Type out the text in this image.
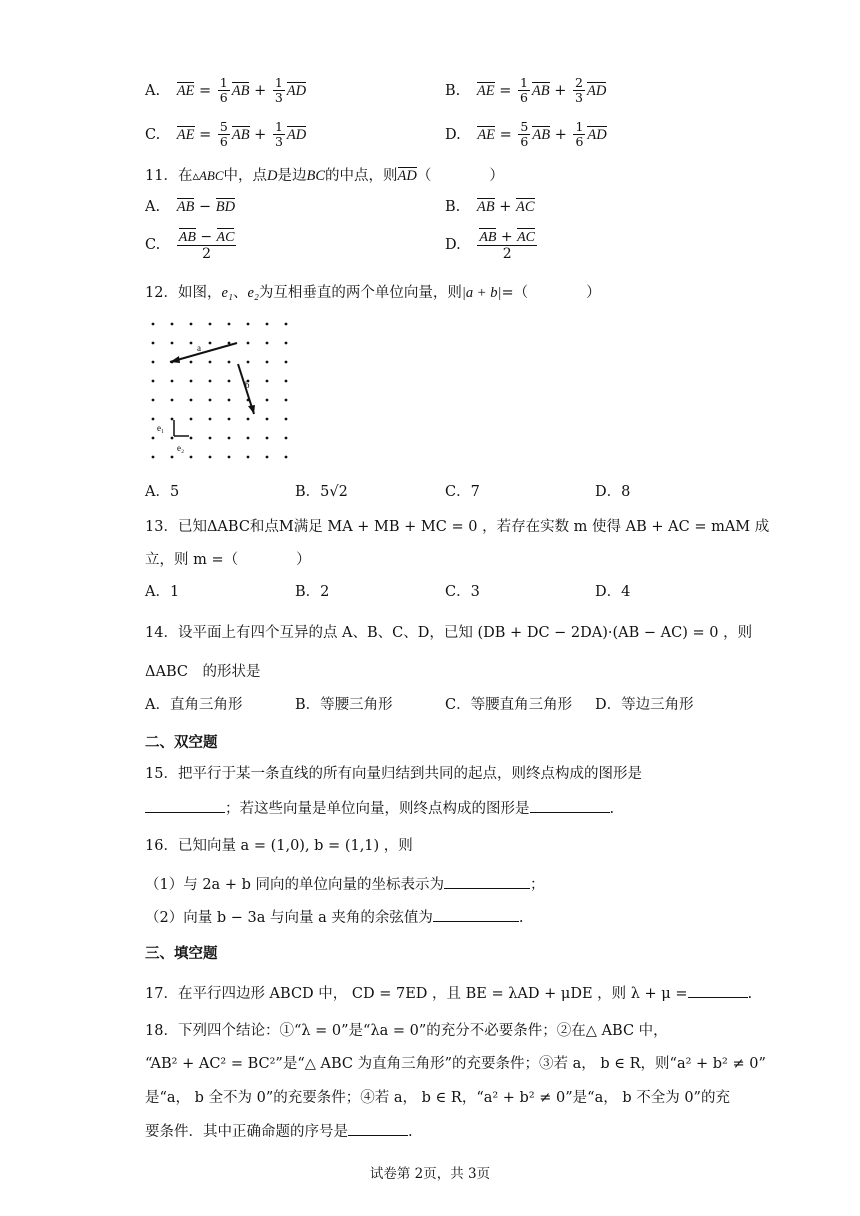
A. AE = $\frac{1}{6}$ AB + $\frac{1}{3}$ AD	B. AE = $\frac{1}{6}$ AB + $\frac{2}{3}$ AD
C. AE = $\frac{5}{6}$ AB + $\frac{1}{3}$ AD	D. AE = $\frac{5}{6}$ AB + $\frac{1}{6}$ AD
11．在▵ABC中，点D是边BC的中点，则AD（　　　　）
A. AB − BD	B. AB + AC
C. $\frac{AB - AC}{2}$	D. $\frac{AB + AC}{2}$
12．如图，e₁、e₂为互相垂直的两个单位向量，则|a + b|=（　　　　）
a
b
e₁
e₂
A．5	B．5√2	C．7	D．8
13．已知ΔABC和点M满足 MA + MB + MC = 0 ，若存在实数 m 使得 AB + AC = mAM 成
立，则 m =（　　　　）
A．1	B．2	C．3	D．4
14．设平面上有四个互异的点 A、B、C、D，已知 (DB + DC − 2DA)·(AB − AC) = 0 ，则
ΔABC　的形状是
A．直角三角形	B．等腰三角形	C．等腰直角三角形 D．等边三角形
二、双空题
15．把平行于某一条直线的所有向量归结到共同的起点，则终点构成的图形是
；若这些向量是单位向量，则终点构成的图形是	.
16．已知向量 a = (1,0), b = (1,1) ，则
（1）与 2a + b 同向的单位向量的坐标表示为	；
（2）向量 b − 3a 与向量 a 夹角的余弦值为	.
三、填空题
17．在平行四边形 ABCD 中， CD = 7ED ，且 BE = λAD + μDE ，则 λ + μ =	.
18．下列四个结论：①“λ = 0”是“λa = 0”的充分不必要条件；②在△ ABC 中，
“AB² + AC² = BC²”是“△ ABC 为直角三角形”的充要条件；③若 a， b ∈ R，则“a² + b² ≠ 0”
是“a， b 全不为 0”的充要条件；④若 a， b ∈ R，“a² + b² ≠ 0”是“a， b 不全为 0”的充
要条件．其中正确命题的序号是	.
试卷第 2页，共 3页
